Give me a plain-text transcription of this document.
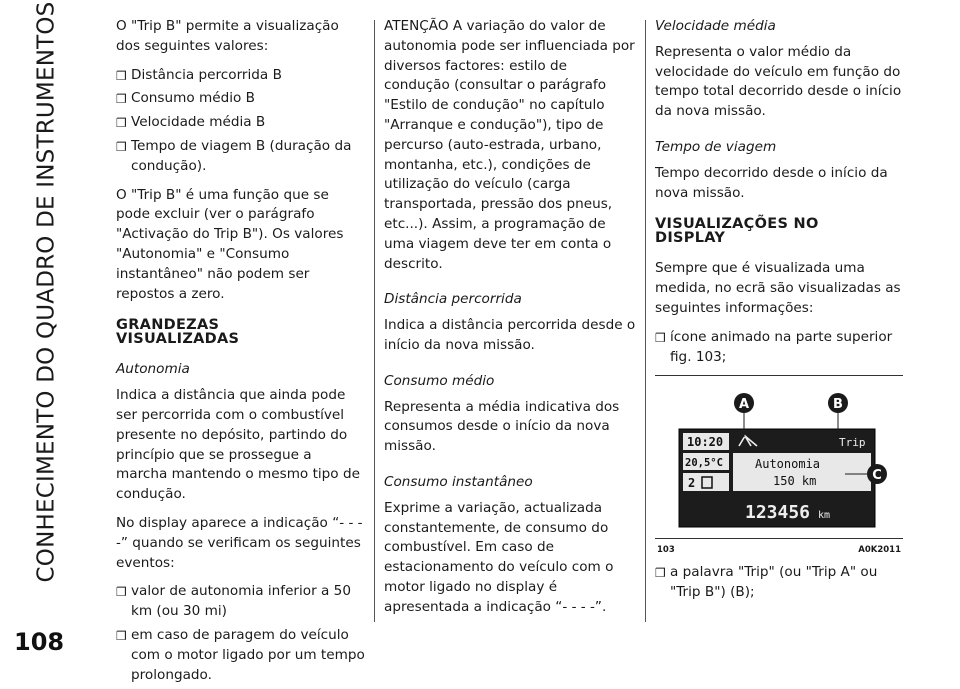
CONHECIMENTO DO QUADRO DE INSTRUMENTOS
108

O "Trip B" permite a visualização dos seguintes valores:

❒ Distância percorrida B
❒ Consumo médio B
❒ Velocidade média B
❒ Tempo de viagem B (duração da condução).

O "Trip B" é uma função que se pode excluir (ver o parágrafo "Activação do Trip B"). Os valores "Autonomia" e "Consumo instantâneo" não podem ser repostos a zero.

GRANDEZAS
VISUALIZADAS

Autonomia

Indica a distância que ainda pode ser percorrida com o combustível presente no depósito, partindo do princípio que se prossegue a marcha mantendo o mesmo tipo de condução.

No display aparece a indicação “- - - -” quando se verificam os seguintes eventos:

❒ valor de autonomia inferior a 50 km (ou 30 mi)
❒ em caso de paragem do veículo com o motor ligado por um tempo prolongado.

ATENÇÃO A variação do valor de autonomia pode ser influenciada por diversos factores: estilo de condução (consultar o parágrafo "Estilo de condução" no capítulo "Arranque e condução"), tipo de percurso (auto-estrada, urbano, montanha, etc.), condições de utilização do veículo (carga transportada, pressão dos pneus, etc...). Assim, a programação de uma viagem deve ter em conta o descrito.

Distância percorrida

Indica a distância percorrida desde o início da nova missão.

Consumo médio

Representa a média indicativa dos consumos desde o início da nova missão.

Consumo instantâneo

Exprime a variação, actualizada constantemente, de consumo do combustível. Em caso de estacionamento do veículo com o motor ligado no display é apresentada a indicação “- - - -”.

Velocidade média

Representa o valor médio da velocidade do veículo em função do tempo total decorrido desde o início da nova missão.

Tempo de viagem

Tempo decorrido desde o início da nova missão.

VISUALIZAÇÕES NO
DISPLAY

Sempre que é visualizada uma medida, no ecrã são visualizadas as seguintes informações:

❒ ícone animado na parte superior fig. 103;
10:20
20,5°C
2
Trip
Autonomia
150 km
123456 km
A	B
C
103	A0K2011
❒ a palavra "Trip" (ou "Trip A" ou "Trip B") (B);
